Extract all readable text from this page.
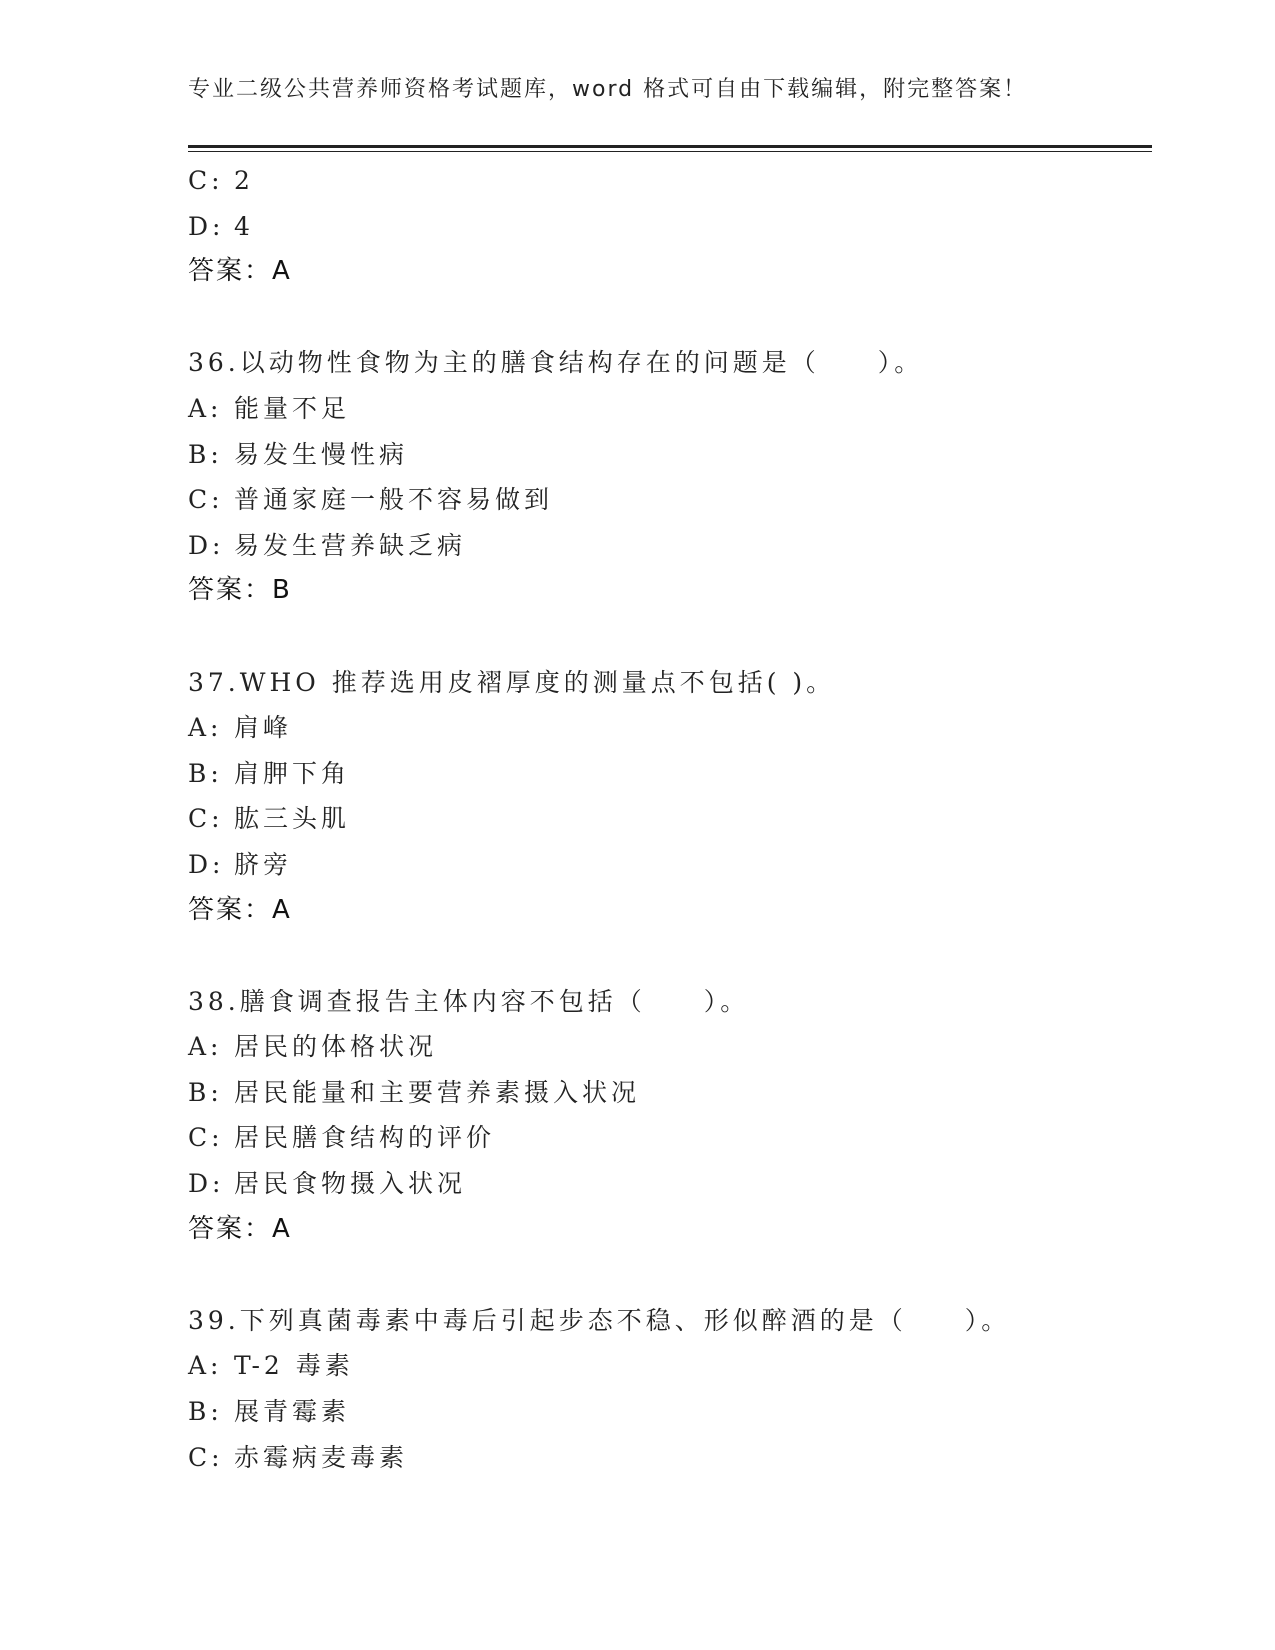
专业二级公共营养师资格考试题库，word 格式可自由下载编辑，附完整答案！
C: 2
D: 4
答案：A
36.以动物性食物为主的膳食结构存在的问题是（　　）。
A: 能量不足
B: 易发生慢性病
C: 普通家庭一般不容易做到
D: 易发生营养缺乏病
答案：B
37.WHO 推荐选用皮褶厚度的测量点不包括( )。
A: 肩峰
B: 肩胛下角
C: 肱三头肌
D: 脐旁
答案：A
38.膳食调查报告主体内容不包括（　　）。
A: 居民的体格状况
B: 居民能量和主要营养素摄入状况
C: 居民膳食结构的评价
D: 居民食物摄入状况
答案：A
39.下列真菌毒素中毒后引起步态不稳、形似醉酒的是（　　）。
A: T-2 毒素
B: 展青霉素
C: 赤霉病麦毒素
